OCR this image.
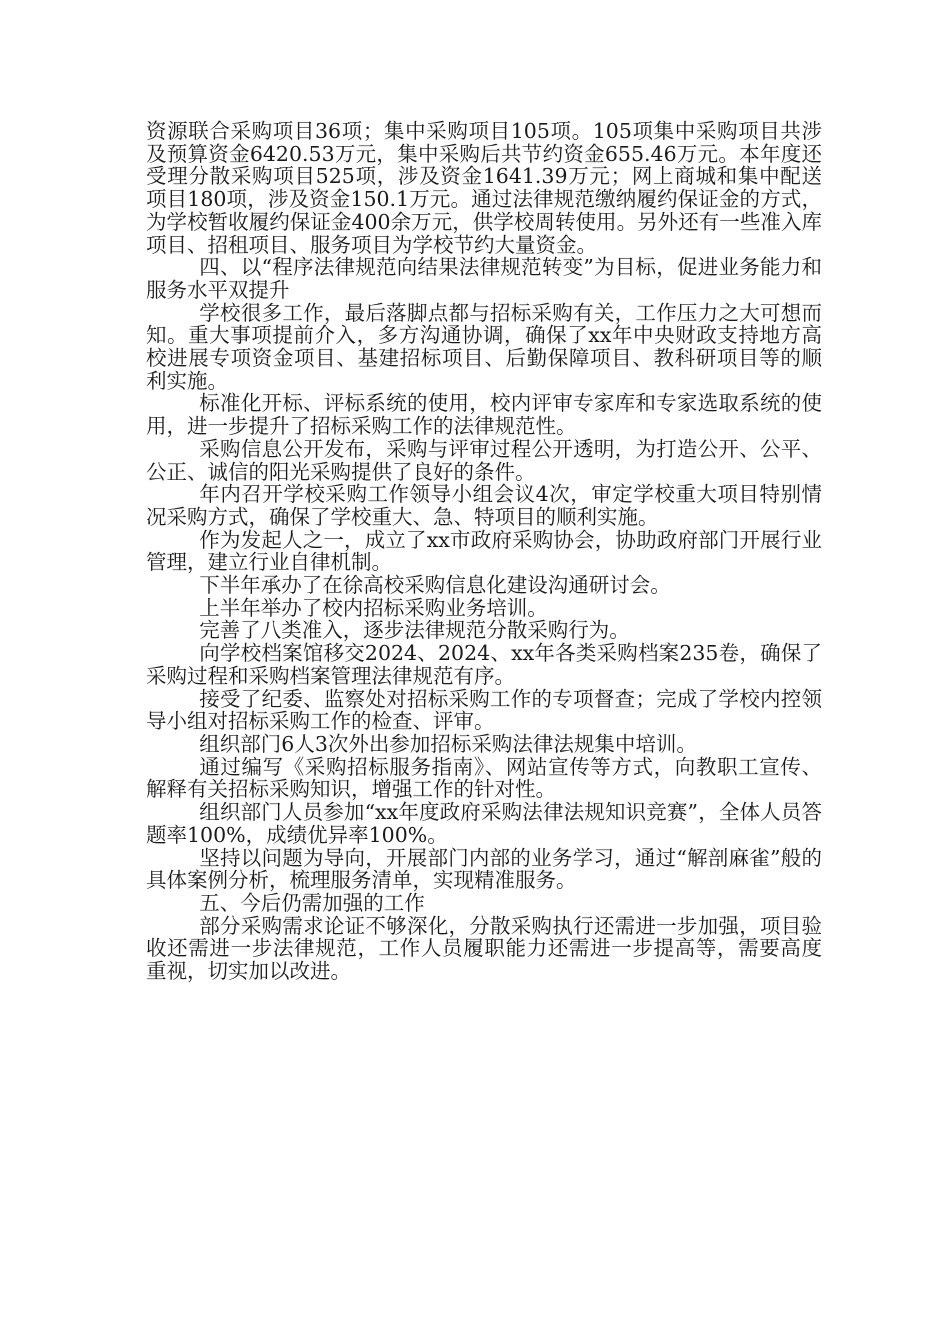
资源联合采购项目36项；集中采购项目105项。105项集中采购项目共涉及预算资金6420.53万元，集中采购后共节约资金655.46万元。本年度还受理分散采购项目525项，涉及资金1641.39万元；网上商城和集中配送项目180项，涉及资金150.1万元。通过法律规范缴纳履约保证金的方式，为学校暂收履约保证金400余万元，供学校周转使用。另外还有一些准入库项目、招租项目、服务项目为学校节约大量资金。

四、以“程序法律规范向结果法律规范转变”为目标，促进业务能力和服务水平双提升

学校很多工作，最后落脚点都与招标采购有关，工作压力之大可想而知。重大事项提前介入，多方沟通协调，确保了xx年中央财政支持地方高校进展专项资金项目、基建招标项目、后勤保障项目、教科研项目等的顺利实施。

标准化开标、评标系统的使用，校内评审专家库和专家选取系统的使用，进一步提升了招标采购工作的法律规范性。

采购信息公开发布，采购与评审过程公开透明，为打造公开、公平、公正、诚信的阳光采购提供了良好的条件。

年内召开学校采购工作领导小组会议4次，审定学校重大项目特别情况采购方式，确保了学校重大、急、特项目的顺利实施。

作为发起人之一，成立了xx市政府采购协会，协助政府部门开展行业管理，建立行业自律机制。

下半年承办了在徐高校采购信息化建设沟通研讨会。

上半年举办了校内招标采购业务培训。

完善了八类准入，逐步法律规范分散采购行为。

向学校档案馆移交2024、2024、xx年各类采购档案235卷，确保了采购过程和采购档案管理法律规范有序。

接受了纪委、监察处对招标采购工作的专项督查；完成了学校内控领导小组对招标采购工作的检查、评审。

组织部门6人3次外出参加招标采购法律法规集中培训。

通过编写《采购招标服务指南》、网站宣传等方式，向教职工宣传、解释有关招标采购知识，增强工作的针对性。

组织部门人员参加“xx年度政府采购法律法规知识竞赛”，全体人员答题率100%，成绩优异率100%。

坚持以问题为导向，开展部门内部的业务学习，通过“解剖麻雀”般的具体案例分析，梳理服务清单，实现精准服务。

五、今后仍需加强的工作

部分采购需求论证不够深化，分散采购执行还需进一步加强，项目验收还需进一步法律规范，工作人员履职能力还需进一步提高等，需要高度重视，切实加以改进。
